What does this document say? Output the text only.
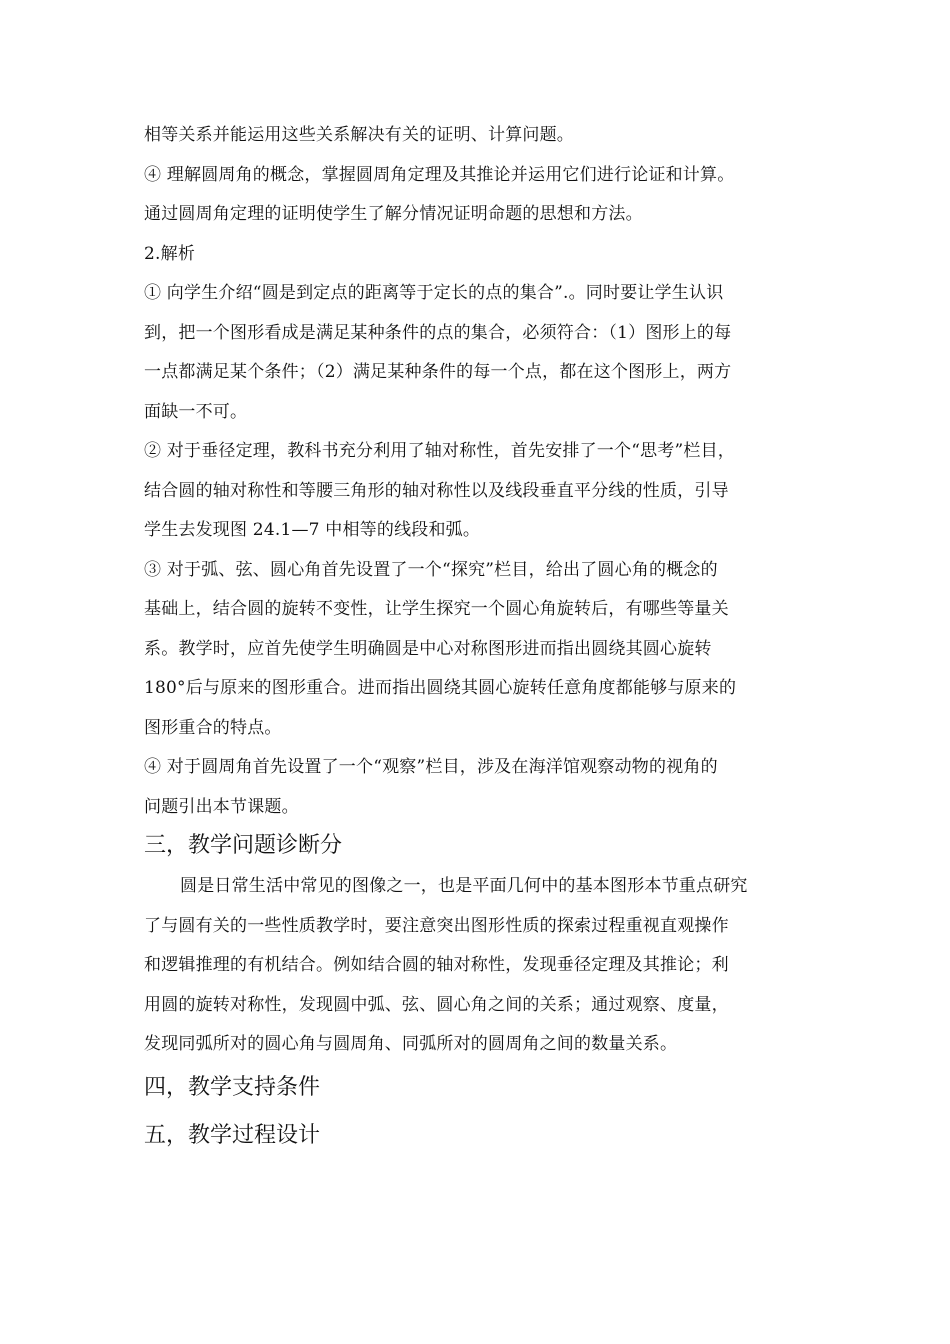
相等关系并能运用这些关系解决有关的证明、计算问题。
④ 理解圆周角的概念，掌握圆周角定理及其推论并运用它们进行论证和计算。
通过圆周角定理的证明使学生了解分情况证明命题的思想和方法。
2.解析
① 向学生介绍“圆是到定点的距离等于定长的点的集合”.。同时要让学生认识
到，把一个图形看成是满足某种条件的点的集合，必须符合：（1）图形上的每
一点都满足某个条件；（2）满足某种条件的每一个点，都在这个图形上，两方
面缺一不可。
② 对于垂径定理，教科书充分利用了轴对称性，首先安排了一个“思考”栏目，
结合圆的轴对称性和等腰三角形的轴对称性以及线段垂直平分线的性质，引导
学生去发现图 24.1—7 中相等的线段和弧。
③ 对于弧、弦、圆心角首先设置了一个“探究”栏目，给出了圆心角的概念的
基础上，结合圆的旋转不变性，让学生探究一个圆心角旋转后，有哪些等量关
系。教学时，应首先使学生明确圆是中心对称图形进而指出圆绕其圆心旋转
180°后与原来的图形重合。进而指出圆绕其圆心旋转任意角度都能够与原来的
图形重合的特点。
④ 对于圆周角首先设置了一个“观察”栏目，涉及在海洋馆观察动物的视角的
问题引出本节课题。
三，教学问题诊断分
圆是日常生活中常见的图像之一，也是平面几何中的基本图形本节重点研究
了与圆有关的一些性质教学时，要注意突出图形性质的探索过程重视直观操作
和逻辑推理的有机结合。例如结合圆的轴对称性，发现垂径定理及其推论；利
用圆的旋转对称性，发现圆中弧、弦、圆心角之间的关系；通过观察、度量，
发现同弧所对的圆心角与圆周角、同弧所对的圆周角之间的数量关系。
四，教学支持条件
五，教学过程设计
